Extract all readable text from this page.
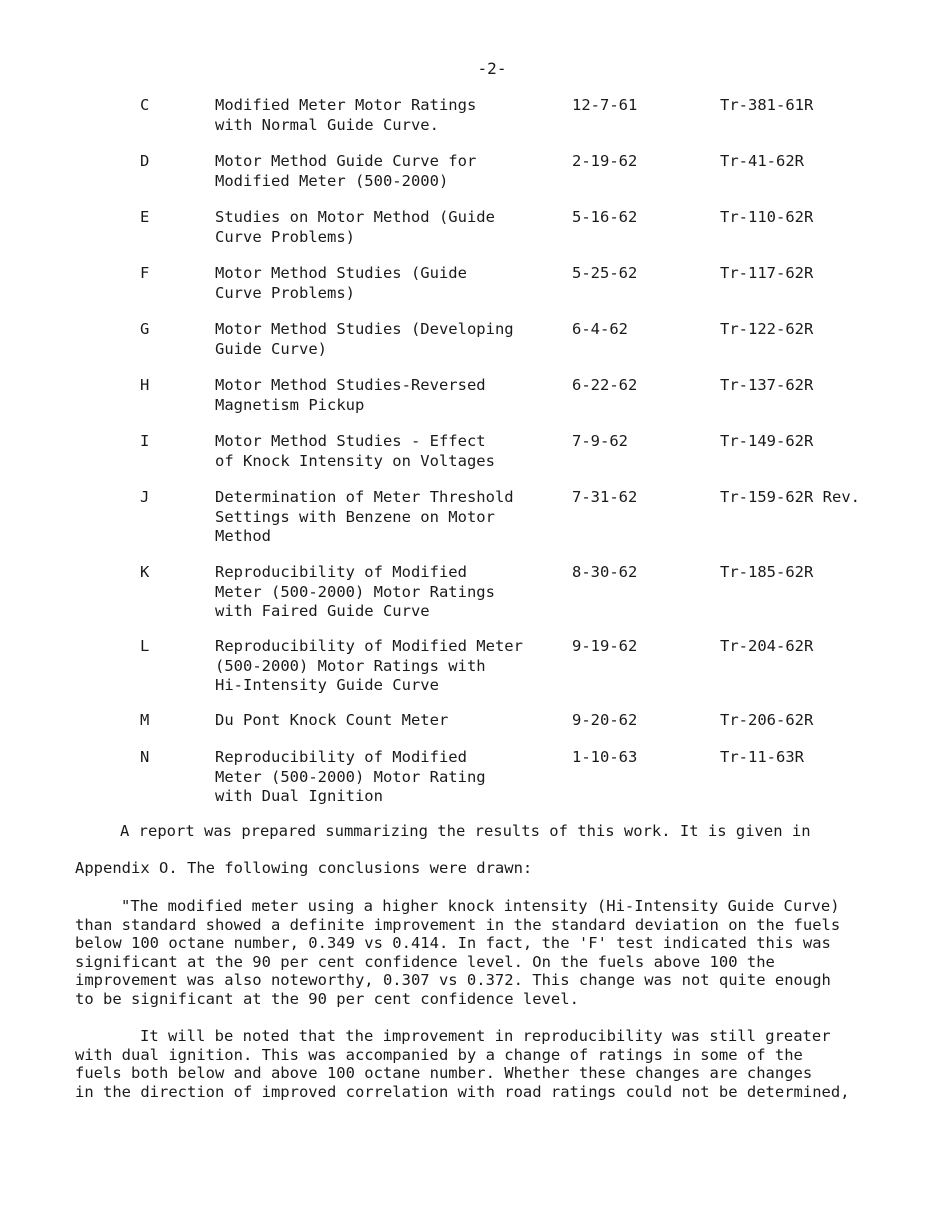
-2-
C	Modified Meter Motor Ratings
with Normal Guide Curve.
12-7-61	Tr-381-61R
D	Motor Method Guide Curve for
Modified Meter (500-2000)
2-19-62	Tr-41-62R
E	Studies on Motor Method (Guide
Curve Problems)
5-16-62	Tr-110-62R
F	Motor Method Studies (Guide
Curve Problems)
5-25-62	Tr-117-62R
G	Motor Method Studies (Developing
Guide Curve)
6-4-62	Tr-122-62R
H	Motor Method Studies-Reversed
Magnetism Pickup
6-22-62	Tr-137-62R
I	Motor Method Studies - Effect
of Knock Intensity on Voltages
7-9-62	Tr-149-62R
J	Determination of Meter Threshold
Settings with Benzene on Motor
Method
7-31-62	Tr-159-62R Rev.
K	Reproducibility of Modified
Meter (500-2000) Motor Ratings
with Faired Guide Curve
8-30-62	Tr-185-62R
L	Reproducibility of Modified Meter
(500-2000) Motor Ratings with
Hi-Intensity Guide Curve
9-19-62	Tr-204-62R
M	Du Pont Knock Count Meter	9-20-62	Tr-206-62R
N	Reproducibility of Modified
Meter (500-2000) Motor Rating
with Dual Ignition
1-10-63	Tr-11-63R
A report was prepared summarizing the results of this work. It is given in
Appendix O. The following conclusions were drawn:
"The modified meter using a higher knock intensity (Hi-Intensity Guide Curve)
than standard showed a definite improvement in the standard deviation on the fuels
below 100 octane number, 0.349 vs 0.414. In fact, the 'F' test indicated this was
significant at the 90 per cent confidence level. On the fuels above 100 the
improvement was also noteworthy, 0.307 vs 0.372. This change was not quite enough
to be significant at the 90 per cent confidence level.
It will be noted that the improvement in reproducibility was still greater
with dual ignition. This was accompanied by a change of ratings in some of the
fuels both below and above 100 octane number. Whether these changes are changes
in the direction of improved correlation with road ratings could not be determined,
